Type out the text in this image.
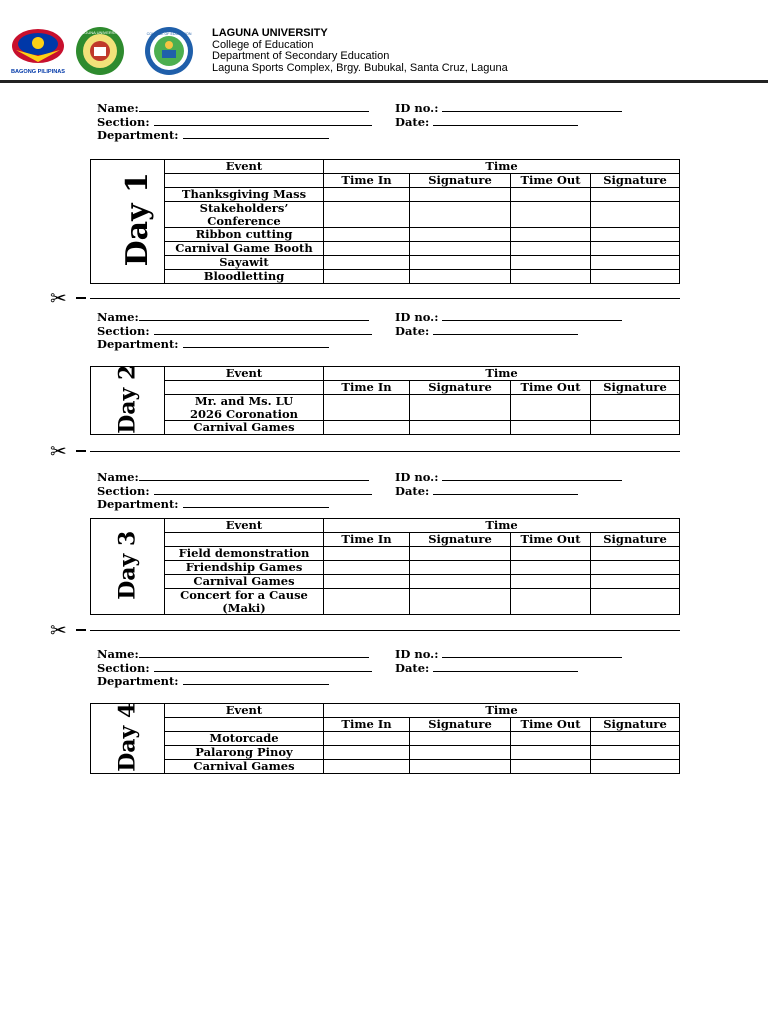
BAGONG PILIPINAS
LAGUNA UNIVERSITY	COLLEGE OF EDUCATION LAGUNA UNIVERSITY
College of Education
Department of Secondary Education
Laguna Sports Complex, Brgy. Bubukal, Santa Cruz, Laguna
Name:	ID no.:
Section:	Date:
Department:
Day 1	Event	Time			
		Time In	Signature	Time Out	Signature
	Thanksgiving Mass				
	Stakeholders’ Conference				
	Ribbon cutting				
	Carnival Game Booth				
	Sayawit				
	Bloodletting				
✂
Name:	ID no.:
Section:	Date:
Department:
Day 2	Event	Time			
		Time In	Signature	Time Out	Signature
	Mr. and Ms. LU 2026 Coronation				
	Carnival Games				
✂
Name:	ID no.:
Section:	Date:
Department:
Day 3	Event	Time			
		Time In	Signature	Time Out	Signature
	Field demonstration				
	Friendship Games				
	Carnival Games				
	Concert for a Cause (Maki)				
✂
Name:	ID no.:
Section:	Date:
Department:
Day 4	Event	Time			
		Time In	Signature	Time Out	Signature
	Motorcade				
	Palarong Pinoy				
	Carnival Games				
